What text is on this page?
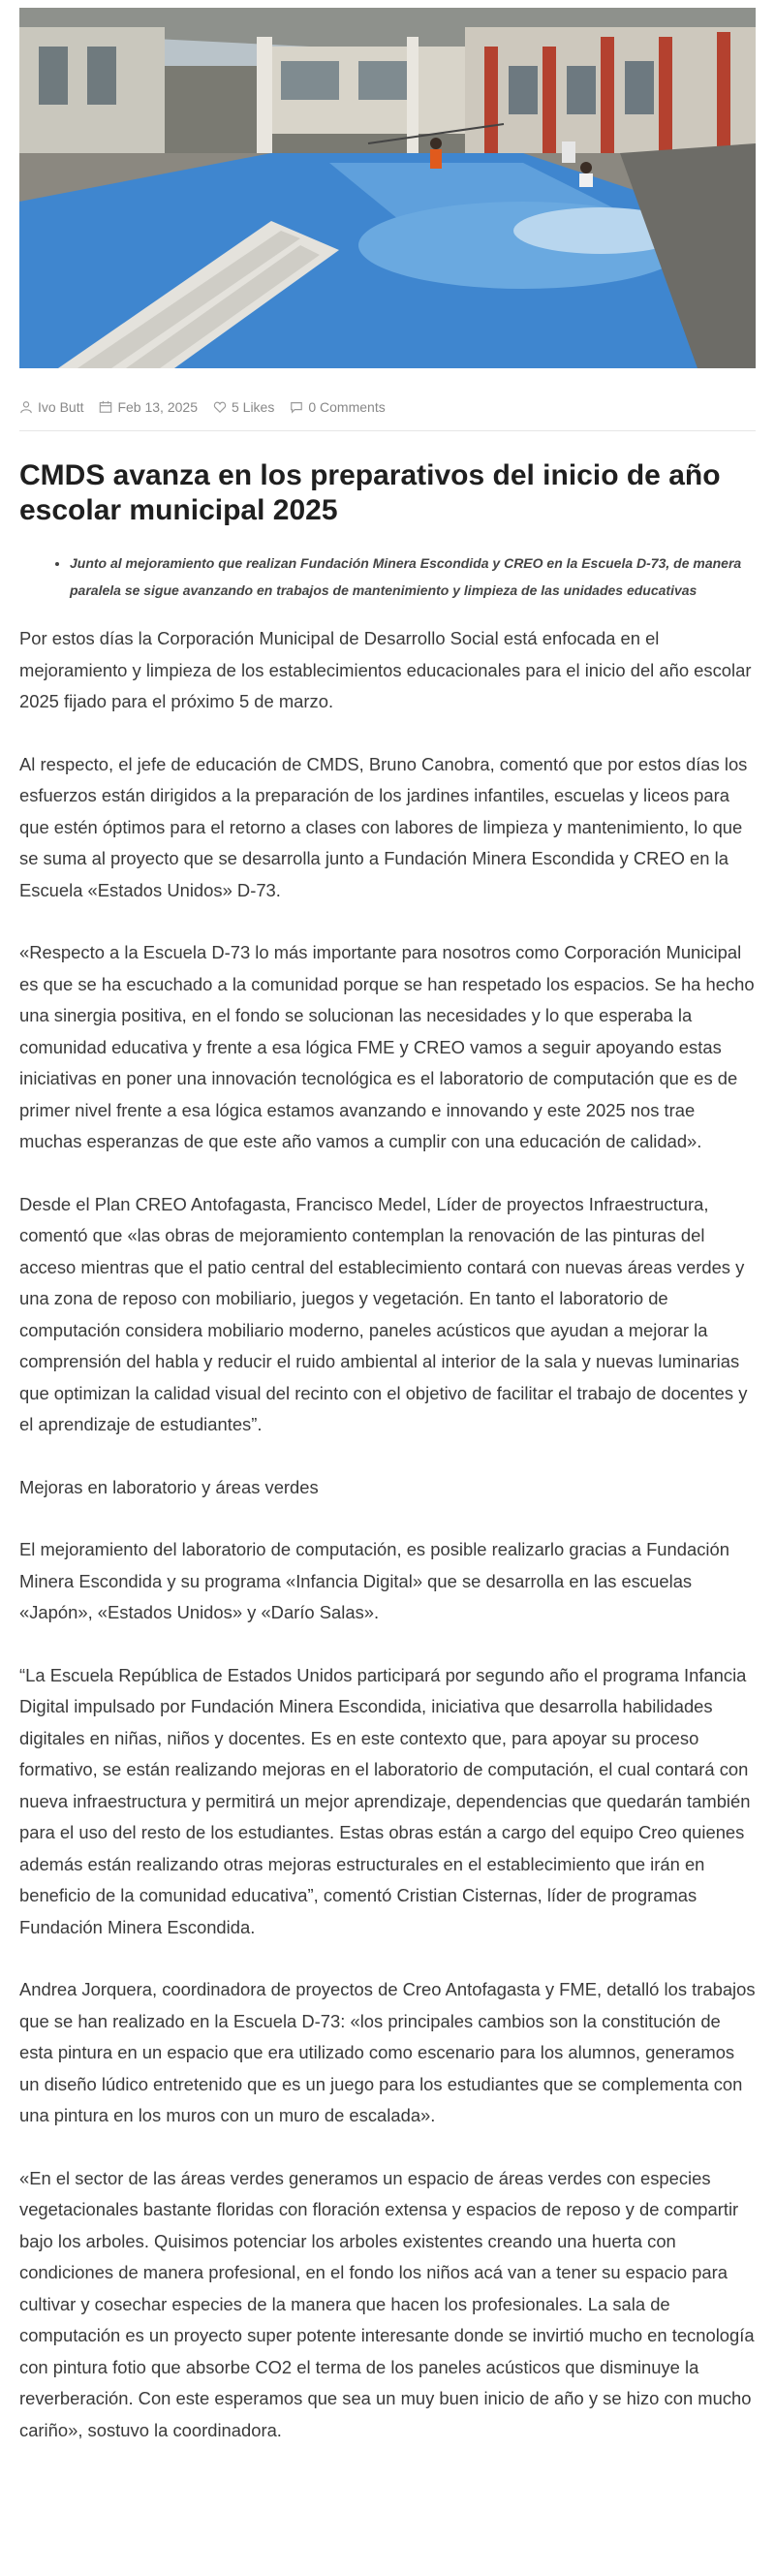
Ivo Butt	Feb 13, 2025	5 Likes	0 Comments
CMDS avanza en los preparativos del inicio de año escolar municipal 2025
• Junto al mejoramiento que realizan Fundación Minera Escondida y CREO en la Escuela D-73, de manera paralela se sigue avanzando en trabajos de mantenimiento y limpieza de las unidades educativas

Por estos días la Corporación Municipal de Desarrollo Social está enfocada en el mejoramiento y limpieza de los establecimientos educacionales para el inicio del año escolar 2025 fijado para el próximo 5 de marzo.

Al respecto, el jefe de educación de CMDS, Bruno Canobra, comentó que por estos días los esfuerzos están dirigidos a la preparación de los jardines infantiles, escuelas y liceos para que estén óptimos para el retorno a clases con labores de limpieza y mantenimiento, lo que se suma al proyecto que se desarrolla junto a Fundación Minera Escondida y CREO en la Escuela «Estados Unidos» D-73.

«Respecto a la Escuela D-73 lo más importante para nosotros como Corporación Municipal es que se ha escuchado a la comunidad porque se han respetado los espacios. Se ha hecho una sinergia positiva, en el fondo se solucionan las necesidades y lo que esperaba la comunidad educativa y frente a esa lógica FME y CREO vamos a seguir apoyando estas iniciativas en poner una innovación tecnológica es el laboratorio de computación que es de primer nivel frente a esa lógica estamos avanzando e innovando y este 2025 nos trae muchas esperanzas de que este año vamos a cumplir con una educación de calidad».

Desde el Plan CREO Antofagasta, Francisco Medel, Líder de proyectos Infraestructura, comentó que «las obras de mejoramiento contemplan la renovación de las pinturas del acceso mientras que el patio central del establecimiento contará con nuevas áreas verdes y una zona de reposo con mobiliario, juegos y vegetación. En tanto el laboratorio de computación considera mobiliario moderno, paneles acústicos que ayudan a mejorar la comprensión del habla y reducir el ruido ambiental al interior de la sala y nuevas luminarias que optimizan la calidad visual del recinto con el objetivo de facilitar el trabajo de docentes y el aprendizaje de estudiantes”.

Mejoras en laboratorio y áreas verdes

El mejoramiento del laboratorio de computación, es posible realizarlo gracias a Fundación Minera Escondida y su programa «Infancia Digital» que se desarrolla en las escuelas «Japón», «Estados Unidos» y «Darío Salas».

“La Escuela República de Estados Unidos participará por segundo año el programa Infancia Digital impulsado por Fundación Minera Escondida, iniciativa que desarrolla habilidades digitales en niñas, niños y docentes. Es en este contexto que, para apoyar su proceso formativo, se están realizando mejoras en el laboratorio de computación, el cual contará con nueva infraestructura y permitirá un mejor aprendizaje, dependencias que quedarán también para el uso del resto de los estudiantes. Estas obras están a cargo del equipo Creo quienes además están realizando otras mejoras estructurales en el establecimiento que irán en beneficio de la comunidad educativa”, comentó Cristian Cisternas, líder de programas Fundación Minera Escondida.

Andrea Jorquera, coordinadora de proyectos de Creo Antofagasta y FME, detalló los trabajos que se han realizado en la Escuela D-73: «los principales cambios son la constitución de esta pintura en un espacio que era utilizado como escenario para los alumnos, generamos un diseño lúdico entretenido que es un juego para los estudiantes que se complementa con una pintura en los muros con un muro de escalada».

«En el sector de las áreas verdes generamos un espacio de áreas verdes con especies vegetacionales bastante floridas con floración extensa y espacios de reposo y de compartir bajo los arboles. Quisimos potenciar los arboles existentes creando una huerta con condiciones de manera profesional, en el fondo los niños acá van a tener su espacio para cultivar y cosechar especies de la manera que hacen los profesionales. La sala de computación es un proyecto super potente interesante donde se invirtió mucho en tecnología con pintura fotio que absorbe CO2 el terma de los paneles acústicos que disminuye la reverberación. Con este esperamos que sea un muy buen inicio de año y se hizo con mucho cariño», sostuvo la coordinadora.
